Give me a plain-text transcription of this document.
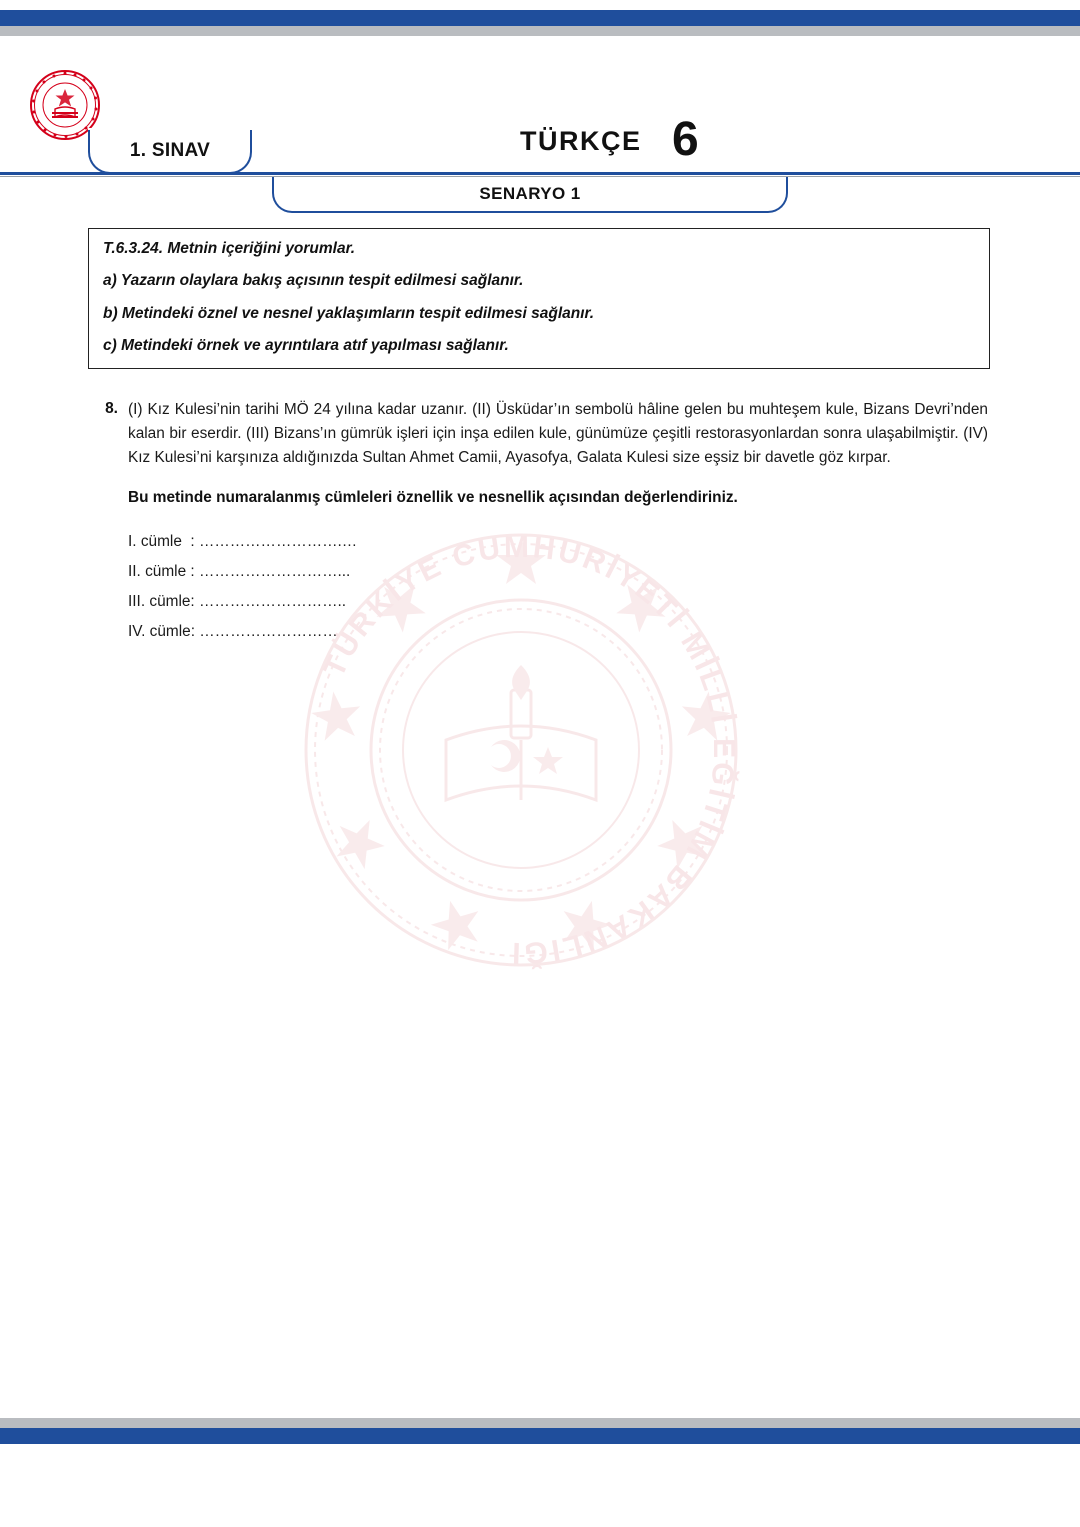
1. SINAV	TÜRKÇE 6
SENARYO 1

T.6.3.24. Metnin içeriğini yorumlar.

a) Yazarın olaylara bakış açısının tespit edilmesi sağlanır.

b) Metindeki öznel ve nesnel yaklaşımların tespit edilmesi sağlanır.

c) Metindeki örnek ve ayrıntılara atıf yapılması sağlanır.

8. (I) Kız Kulesi’nin tarihi MÖ 24 yılına kadar uzanır. (II) Üsküdar’ın sembolü hâline gelen bu muhteşem kule, Bizans Devri’nden kalan bir eserdir. (III) Bizans’ın gümrük işleri için inşa edilen kule, günümüze çeşitli restorasyonlardan sonra ulaşabilmiştir. (IV) Kız Kulesi’ni karşınıza aldığınızda Sultan Ahmet Camii, Ayasofya, Galata Kulesi size eşsiz bir davetle göz kırpar.

Bu metinde numaralanmış cümleleri öznellik ve nesnellik açısından değerlendiriniz.

I. cümle  : ……………………….…
II. cümle : ………………………...
III. cümle: ………………………..
IV. cümle: ………………………
TÜRKİYE CUMHURİYETİ MİLLİ EĞİTİM BAKANLIĞI
